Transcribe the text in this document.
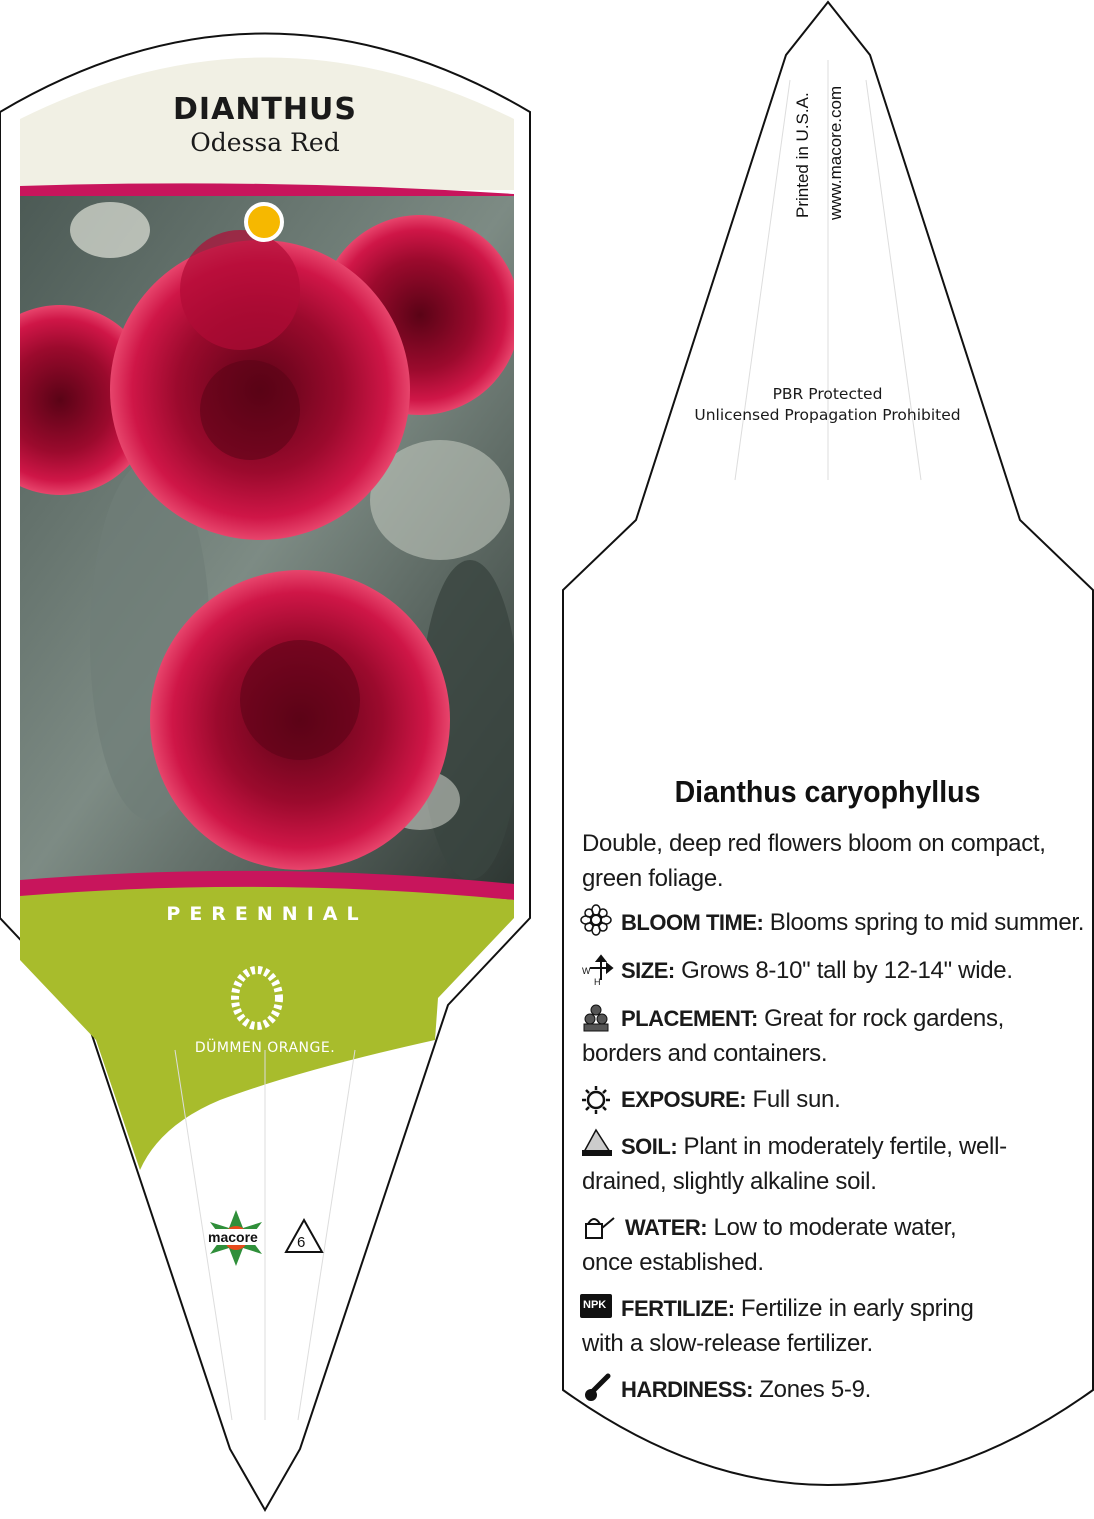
DIANTHUS
Odessa Red
PERENNIAL
DÜMMEN ORANGE.
macore	6
Printed in U.S.A. www.macore.com
PBR Protected
Unlicensed Propagation Prohibited
Dianthus caryophyllus
Double, deep red flowers bloom on compact, green foliage.
W
H
NPK
BLOOM TIME: Blooms spring to mid summer.
SIZE: Grows 8-10" tall by 12-14" wide.
PLACEMENT: Great for rock gardens, borders and containers.
EXPOSURE: Full sun.
SOIL: Plant in moderately fertile, well-drained, slightly alkaline soil.
WATER: Low to moderate water, once established.
FERTILIZE: Fertilize in early spring with a slow-release fertilizer.
HARDINESS: Zones 5-9.
